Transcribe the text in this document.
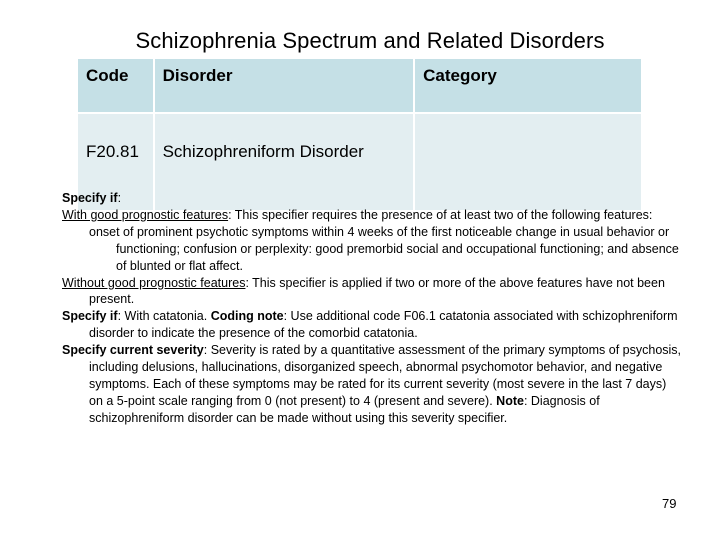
Schizophrenia Spectrum and Related Disorders
Code	Disorder	Category

F20.81	Schizophreniform Disorder	

Specify if:

With good prognostic features: This specifier requires the presence of at least two of the following features:

onset of prominent psychotic symptoms within 4 weeks of the first noticeable change in usual behavior or functioning; confusion or perplexity: good premorbid social and occupational functioning; and absence of blunted or flat affect.

Without good prognostic features: This specifier is applied if two or more of the above features have not been present.

Specify if: With catatonia. Coding note: Use additional code F06.1 catatonia associated with schizophreniform disorder to indicate the presence of the comorbid catatonia.

Specify current severity: Severity is rated by a quantitative assessment of the primary symptoms of psychosis, including delusions, hallucinations, disorganized speech, abnormal psychomotor behavior, and negative symptoms. Each of these symptoms may be rated for its current severity (most severe in the last 7 days) on a 5-point scale ranging from 0 (not present) to 4 (present and severe). Note: Diagnosis of schizophreniform disorder can be made without using this severity specifier.

79
